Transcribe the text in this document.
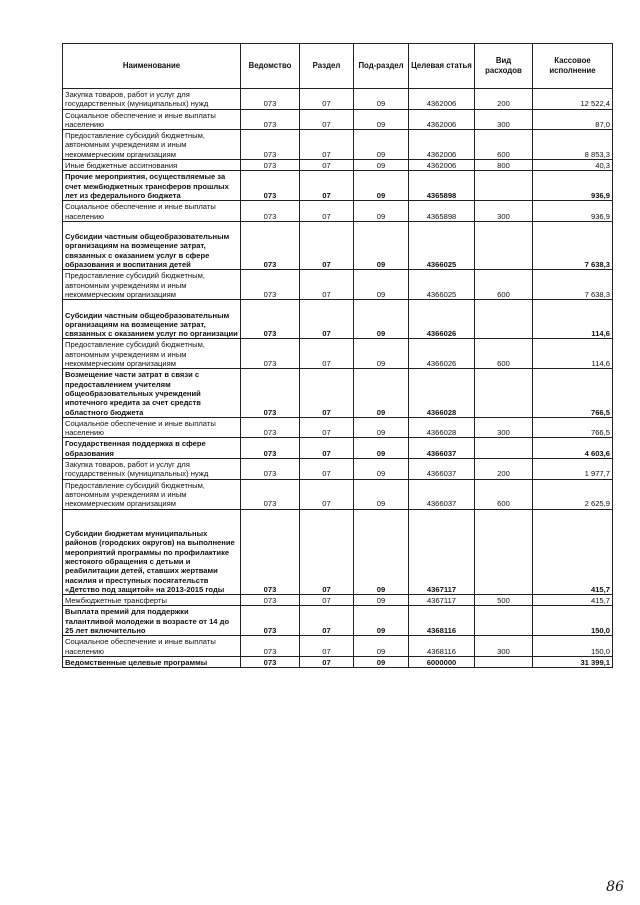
Наименование	Ведомство	Раздел	Под-раздел	Целевая статья	Вид расходов	Кассовое исполнение
Закупка товаров, работ и услуг для государственных (муниципальных) нужд	073	07	09	4362006	200	12 522,4
Социальное обеспечение и иные выплаты населению	073	07	09	4362006	300	87,0
Предоставление субсидий бюджетным, автономным учреждениям и иным некоммерческим организациям	073	07	09	4362006	600	8 853,3
Иные бюджетные ассигнования	073	07	09	4362006	800	40,3
Прочие мероприятия, осуществляемые за счет межбюджетных трансферов прошлых лет из федерального бюджета	073	07	09	4365898		936,9
Социальное обеспечение и иные выплаты населению	073	07	09	4365898	300	936,9
Субсидии частным общеобразовательным организациям на возмещение затрат, связанных с оказанием услуг в сфере образования и воспитания детей	073	07	09	4366025		7 638,3
Предоставление субсидий бюджетным, автономным учреждениям и иным некоммерческим организациям	073	07	09	4366025	600	7 638,3
Субсидии частным общеобразовательным организациям на возмещение затрат, связанных с оказанием услуг по организации	073	07	09	4366026		114,6
Предоставление субсидий бюджетным, автономным учреждениям и иным некоммерческим организациям	073	07	09	4366026	600	114,6
Возмещение части затрат в связи с предоставлением учителям общеобразовательных учреждений ипотечного кредита за счет средств областного бюджета	073	07	09	4366028		766,5
Социальное обеспечение и иные выплаты населению	073	07	09	4366028	300	766,5
Государственная поддержка в сфере образования	073	07	09	4366037		4 603,6
Закупка товаров, работ и услуг для государственных (муниципальных) нужд	073	07	09	4366037	200	1 977,7
Предоставление субсидий бюджетным, автономным учреждениям и иным некоммерческим организациям	073	07	09	4366037	600	2 625,9
Субсидии бюджетам муниципальных районов (городских округов) на выполнение мероприятий программы по профилактике жестокого обращения с детьми и реабилитации детей, ставших жертвами насилия и преступных посягательств «Детство под защитой» на 2013-2015 годы	073	07	09	4367117		415,7
Межбюджетные трансферты	073	07	09	4367117	500	415,7
Выплата премий для поддержки талантливой молодежи в возрасте от 14 до 25 лет включительно	073	07	09	4368116		150,0
Социальное обеспечение и иные выплаты населению	073	07	09	4368116	300	150,0
Ведомственные целевые программы	073	07	09	6000000		31 399,1
86
